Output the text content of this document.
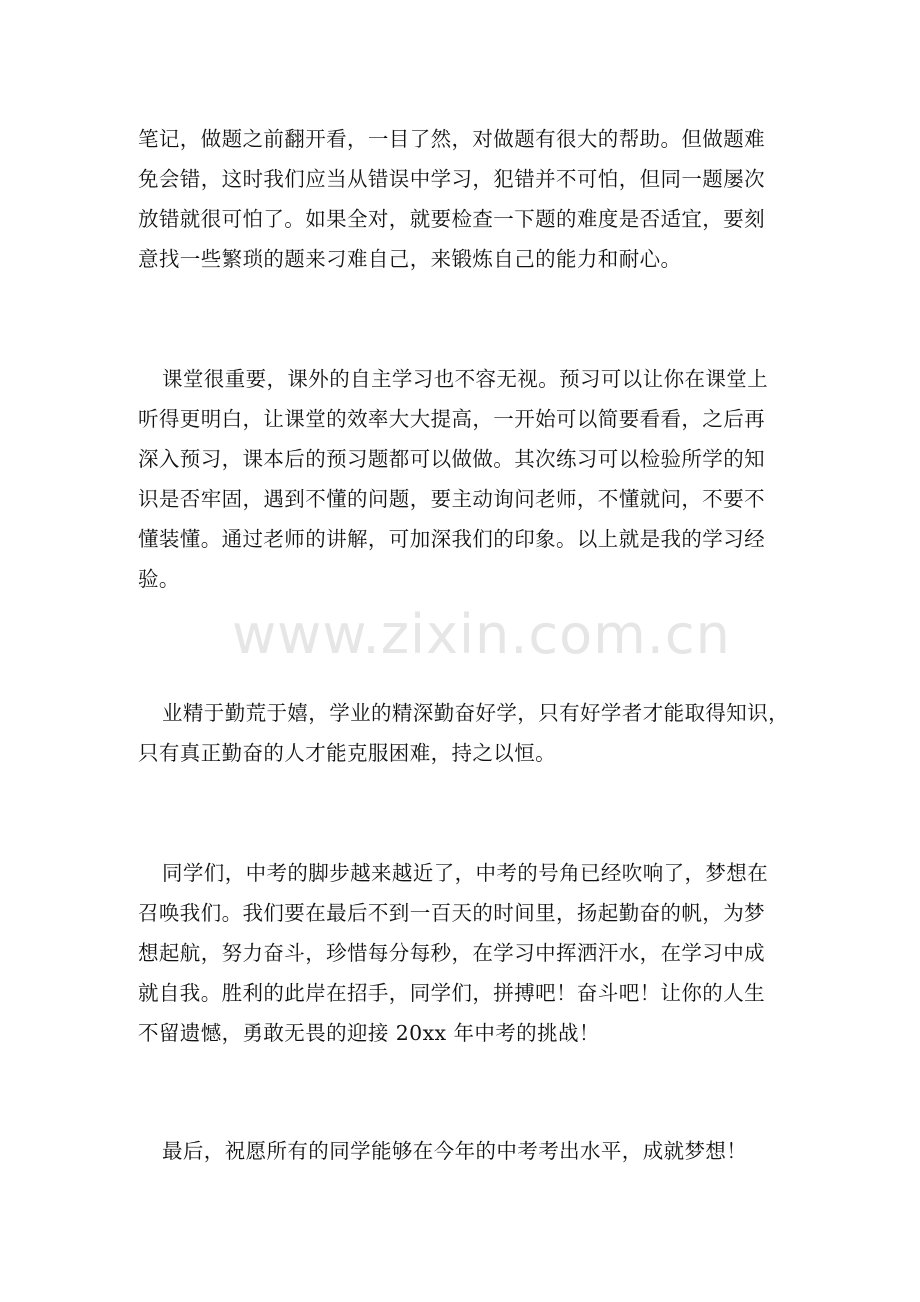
笔记，做题之前翻开看，一目了然，对做题有很大的帮助。但做题难
免会错，这时我们应当从错误中学习，犯错并不可怕，但同一题屡次
放错就很可怕了。如果全对，就要检查一下题的难度是否适宜，要刻
意找一些繁琐的题来刁难自己，来锻炼自己的能力和耐心。
课堂很重要，课外的自主学习也不容无视。预习可以让你在课堂上
听得更明白，让课堂的效率大大提高，一开始可以简要看看，之后再
深入预习，课本后的预习题都可以做做。其次练习可以检验所学的知
识是否牢固，遇到不懂的问题，要主动询问老师，不懂就问，不要不
懂装懂。通过老师的讲解，可加深我们的印象。以上就是我的学习经
验。
业精于勤荒于嬉，学业的精深勤奋好学，只有好学者才能取得知识，
只有真正勤奋的人才能克服困难，持之以恒。
同学们，中考的脚步越来越近了，中考的号角已经吹响了，梦想在
召唤我们。我们要在最后不到一百天的时间里，扬起勤奋的帆，为梦
想起航，努力奋斗，珍惜每分每秒，在学习中挥洒汗水，在学习中成
就自我。胜利的此岸在招手，同学们，拼搏吧！奋斗吧！让你的人生
不留遗憾，勇敢无畏的迎接 20xx 年中考的挑战！
最后，祝愿所有的同学能够在今年的中考考出水平，成就梦想！
www.zixin.com.cn
